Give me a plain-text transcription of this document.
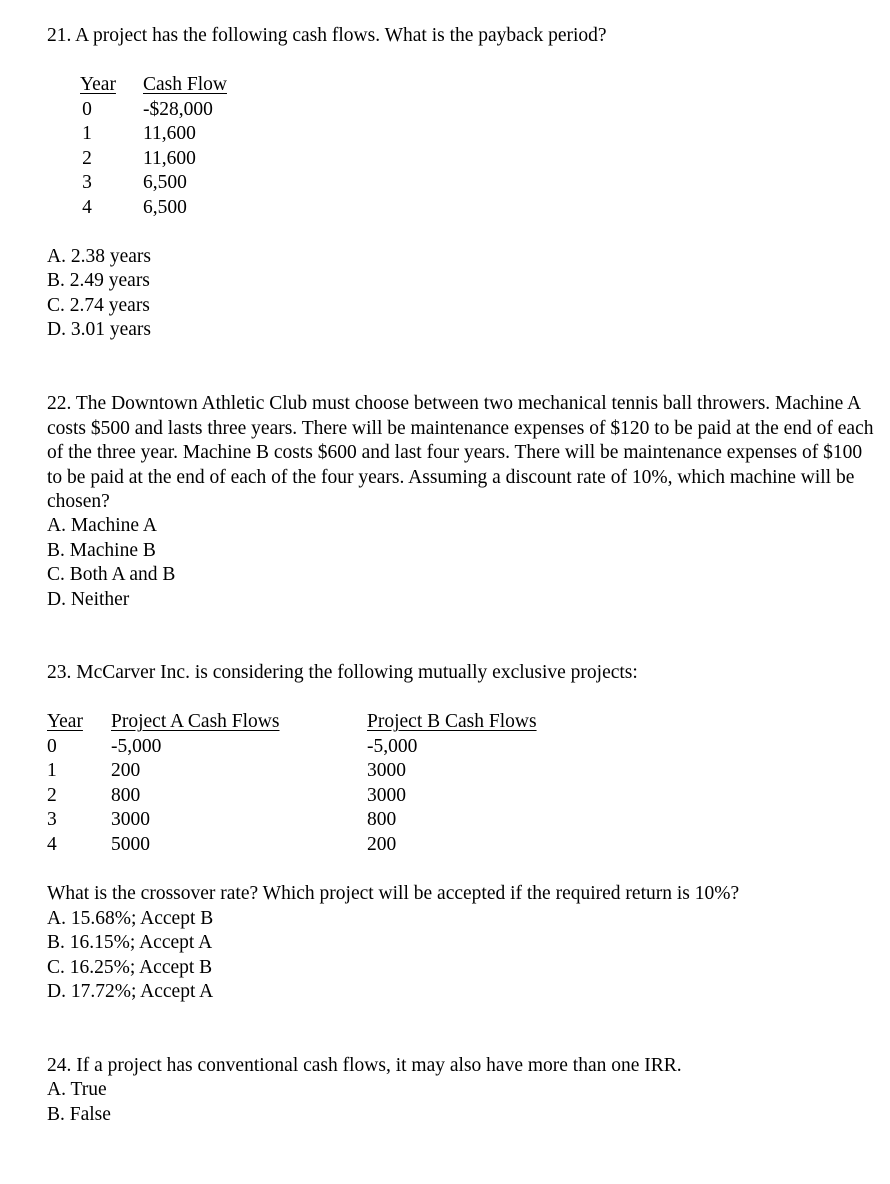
21. A project has the following cash flows. What is the payback period?
Year Cash Flow
0	-$28,000
1	11,600
2	11,600
3	6,500
4	6,500
A. 2.38 years
B. 2.49 years
C. 2.74 years
D. 3.01 years
22. The Downtown Athletic Club must choose between two mechanical tennis ball throwers. Machine A costs $500 and lasts three years. There will be maintenance expenses of $120 to be paid at the end of each of the three year. Machine B costs $600 and last four years. There will be maintenance expenses of $100 to be paid at the end of each of the four years. Assuming a discount rate of 10%, which machine will be chosen?
A. Machine A
B. Machine B
C. Both A and B
D. Neither
23. McCarver Inc. is considering the following mutually exclusive projects:
Year Project A Cash Flows	Project B Cash Flows
0	-5,000	-5,000
1	200	3000
2	800	3000
3	3000	800
4	5000	200
What is the crossover rate? Which project will be accepted if the required return is 10%?
A. 15.68%; Accept B
B. 16.15%; Accept A
C. 16.25%; Accept B
D. 17.72%; Accept A
24. If a project has conventional cash flows, it may also have more than one IRR.
A. True
B. False
